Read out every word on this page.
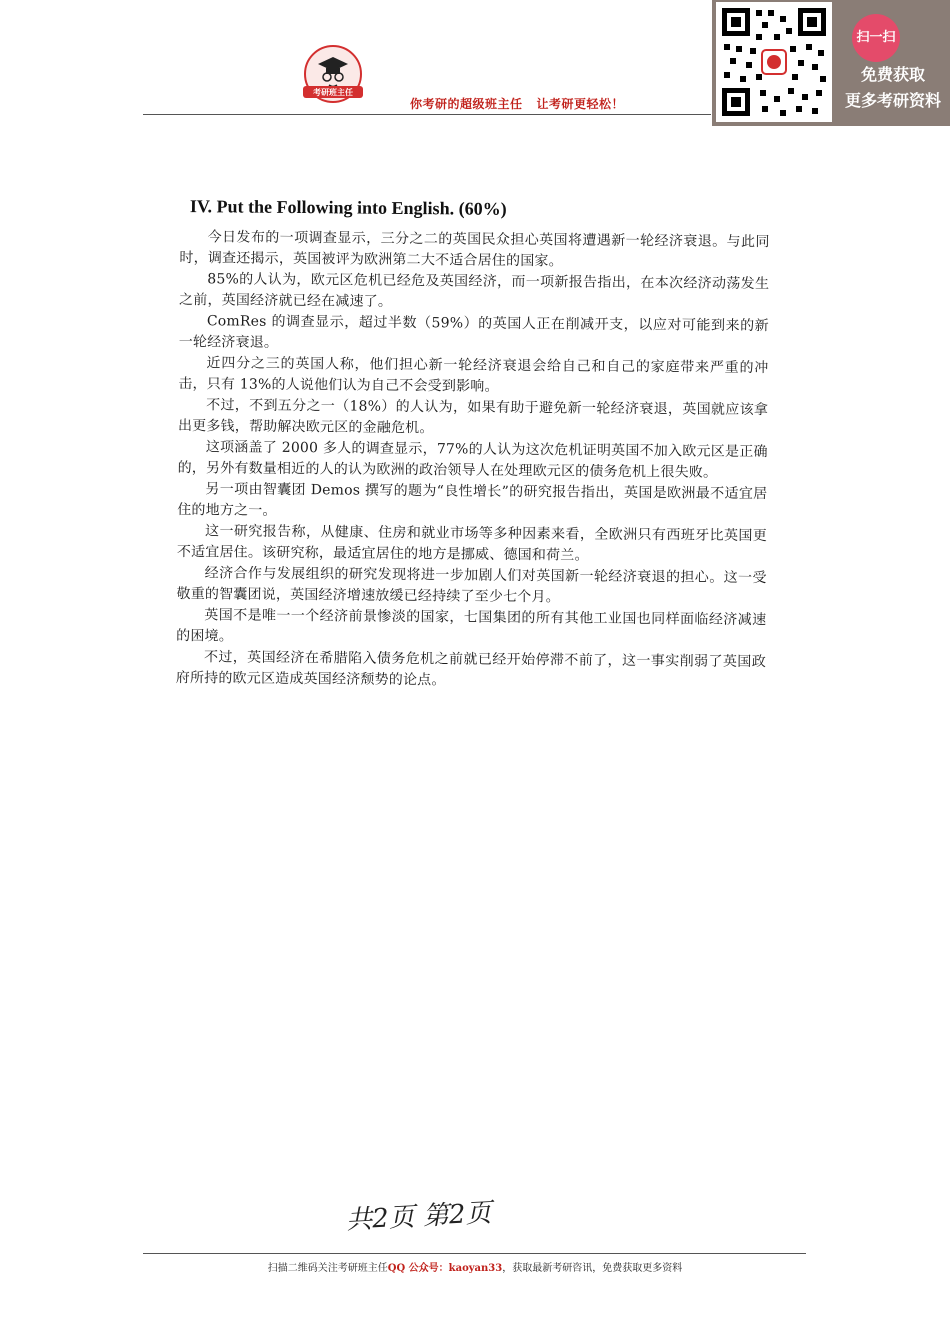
考研班主任
你考研的超级班主任 让考研更轻松！
扫一扫
免费获取
更多考研资料
IV. Put the Following into English. (60%)

今日发布的一项调查显示，三分之二的英国民众担心英国将遭遇新一轮经济衰退。与此同时，调查还揭示，英国被评为欧洲第二大不适合居住的国家。

85%的人认为，欧元区危机已经危及英国经济，而一项新报告指出，在本次经济动荡发生之前，英国经济就已经在减速了。

ComRes 的调查显示，超过半数（59%）的英国人正在削减开支，以应对可能到来的新一轮经济衰退。

近四分之三的英国人称，他们担心新一轮经济衰退会给自己和自己的家庭带来严重的冲击，只有 13%的人说他们认为自己不会受到影响。

不过，不到五分之一（18%）的人认为，如果有助于避免新一轮经济衰退，英国就应该拿出更多钱，帮助解决欧元区的金融危机。

这项涵盖了 2000 多人的调查显示，77%的人认为这次危机证明英国不加入欧元区是正确的，另外有数量相近的人的认为欧洲的政治领导人在处理欧元区的债务危机上很失败。

另一项由智囊团 Demos 撰写的题为“良性增长”的研究报告指出，英国是欧洲最不适宜居住的地方之一。

这一研究报告称，从健康、住房和就业市场等多种因素来看，全欧洲只有西班牙比英国更不适宜居住。该研究称，最适宜居住的地方是挪威、德国和荷兰。

经济合作与发展组织的研究发现将进一步加剧人们对英国新一轮经济衰退的担心。这一受敬重的智囊团说，英国经济增速放缓已经持续了至少七个月。

英国不是唯一一个经济前景惨淡的国家，七国集团的所有其他工业国也同样面临经济减速的困境。

不过，英国经济在希腊陷入债务危机之前就已经开始停滞不前了，这一事实削弱了英国政府所持的欧元区造成英国经济颓势的论点。

共2页 第2页
扫描二维码关注考研班主任QQ 公众号：kaoyan33，获取最新考研咨讯，免费获取更多资料
